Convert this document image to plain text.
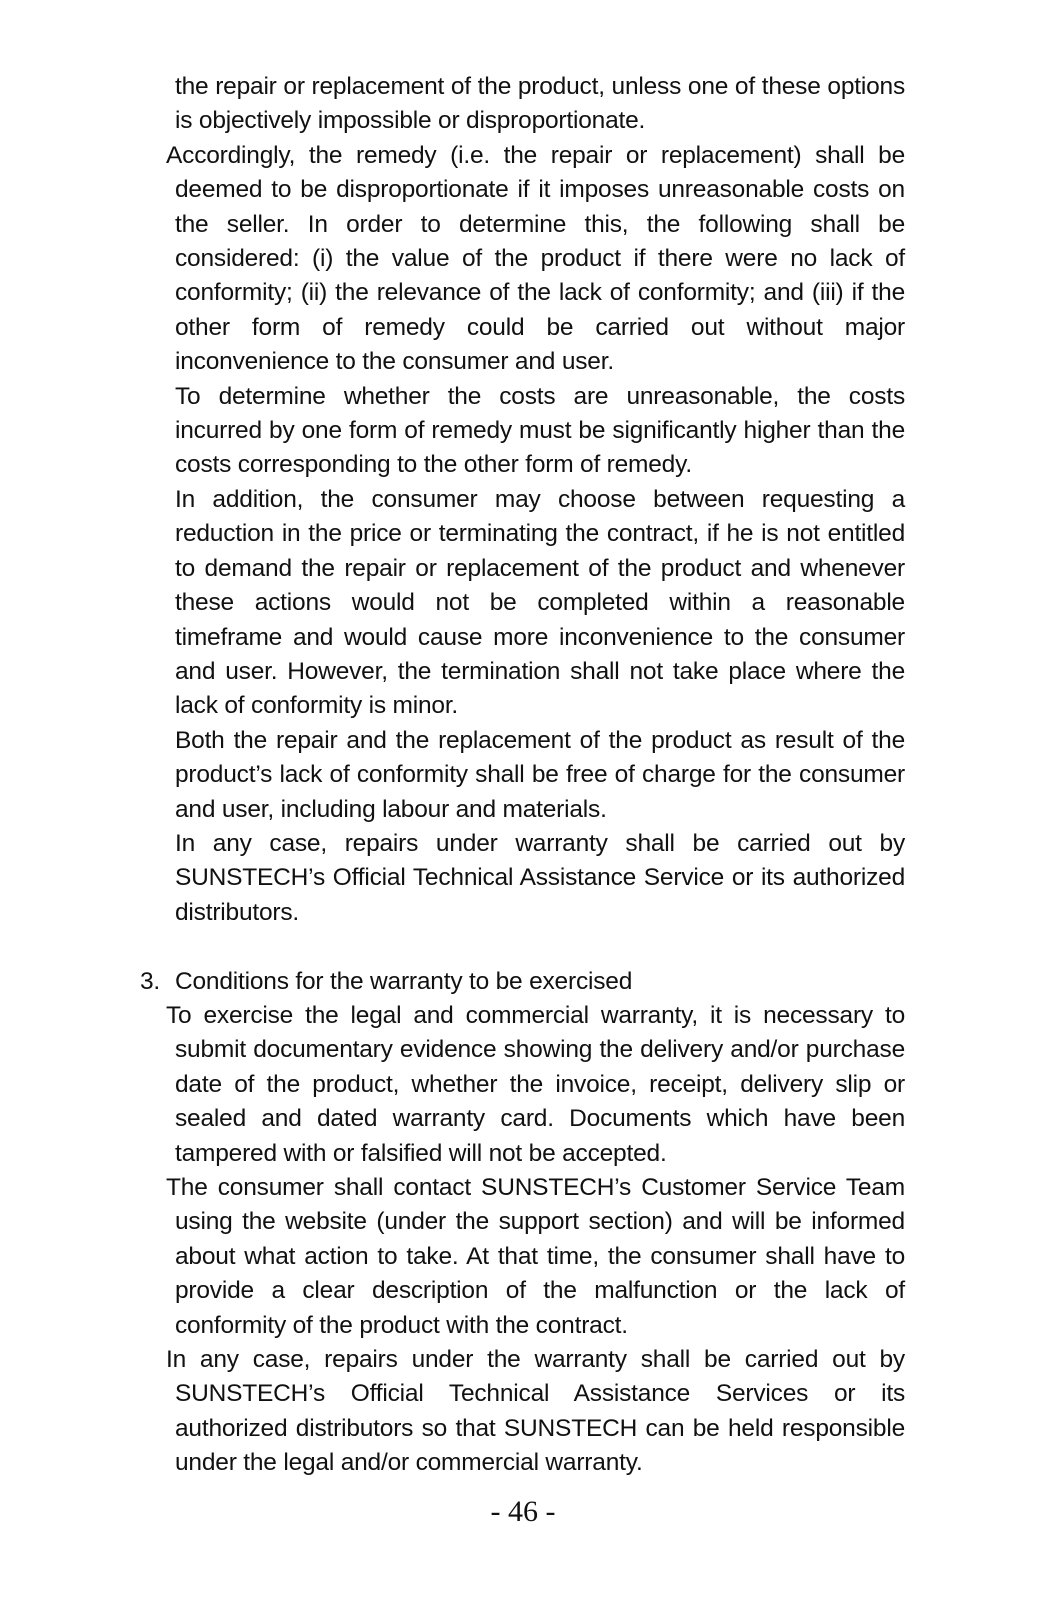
the repair or replacement of the product, unless one of these options is objectively impossible or disproportionate.

Accordingly, the remedy (i.e. the repair or replacement) shall be deemed to be disproportionate if it imposes unreasonable costs on the seller. In order to determine this, the following shall be considered: (i) the value of the product if there were no lack of conformity; (ii) the relevance of the lack of conformity; and (iii) if the other form of remedy could be carried out without major inconvenience to the consumer and user.

To determine whether the costs are unreasonable, the costs incurred by one form of remedy must be significantly higher than the costs corresponding to the other form of remedy.

In addition, the consumer may choose between requesting a reduction in the price or terminating the contract, if he is not entitled to demand the repair or replacement of the product and whenever these actions would not be completed within a reasonable timeframe and would cause more inconvenience to the consumer and user. However, the termination shall not take place where the lack of conformity is minor.

Both the repair and the replacement of the product as result of the product’s lack of conformity shall be free of charge for the consumer and user, including labour and materials.

In any case, repairs under warranty shall be carried out by SUNSTECH’s Official Technical Assistance Service or its authorized distributors.

3. Conditions for the warranty to be exercised

To exercise the legal and commercial warranty, it is necessary to submit documentary evidence showing the delivery and/or purchase date of the product, whether the invoice, receipt, delivery slip or sealed and dated warranty card. Documents which have been tampered with or falsified will not be accepted.

The consumer shall contact SUNSTECH’s Customer Service Team using the website (under the support section) and will be informed about what action to take. At that time, the consumer shall have to provide a clear description of the malfunction or the lack of conformity of the product with the contract.

In any case, repairs under the warranty shall be carried out by SUNSTECH’s Official Technical Assistance Services or its authorized distributors so that SUNSTECH can be held responsible under the legal and/or commercial warranty.

- 46 -
